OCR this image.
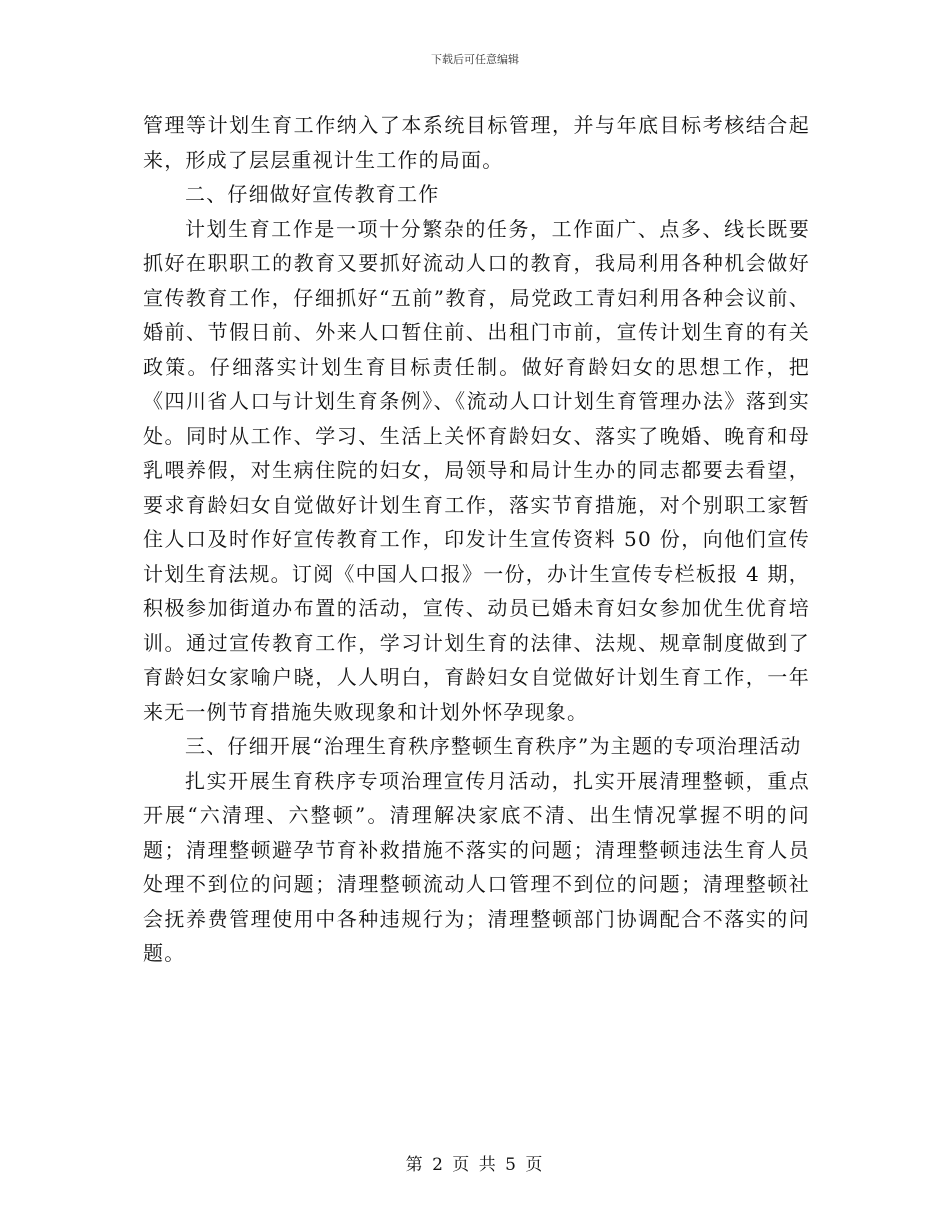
下载后可任意编辑

管理等计划生育工作纳入了本系统目标管理，并与年底目标考核结合起来，形成了层层重视计生工作的局面。

二、仔细做好宣传教育工作

计划生育工作是一项十分繁杂的任务，工作面广、点多、线长既要抓好在职职工的教育又要抓好流动人口的教育，我局利用各种机会做好宣传教育工作，仔细抓好“五前”教育，局党政工青妇利用各种会议前、婚前、节假日前、外来人口暂住前、出租门市前，宣传计划生育的有关政策。仔细落实计划生育目标责任制。做好育龄妇女的思想工作，把《四川省人口与计划生育条例》、《流动人口计划生育管理办法》落到实处。同时从工作、学习、生活上关怀育龄妇女、落实了晚婚、晚育和母乳喂养假，对生病住院的妇女，局领导和局计生办的同志都要去看望，要求育龄妇女自觉做好计划生育工作，落实节育措施，对个别职工家暂住人口及时作好宣传教育工作，印发计生宣传资料 50 份，向他们宣传计划生育法规。订阅《中国人口报》一份，办计生宣传专栏板报 4 期，积极参加街道办布置的活动，宣传、动员已婚未育妇女参加优生优育培训。通过宣传教育工作，学习计划生育的法律、法规、规章制度做到了育龄妇女家喻户晓，人人明白，育龄妇女自觉做好计划生育工作，一年来无一例节育措施失败现象和计划外怀孕现象。

三、仔细开展“治理生育秩序整顿生育秩序”为主题的专项治理活动

扎实开展生育秩序专项治理宣传月活动，扎实开展清理整顿，重点开展“六清理、六整顿”。清理解决家底不清、出生情况掌握不明的问题；清理整顿避孕节育补救措施不落实的问题；清理整顿违法生育人员处理不到位的问题；清理整顿流动人口管理不到位的问题；清理整顿社会抚养费管理使用中各种违规行为；清理整顿部门协调配合不落实的问题。

第 2 页 共 5 页
